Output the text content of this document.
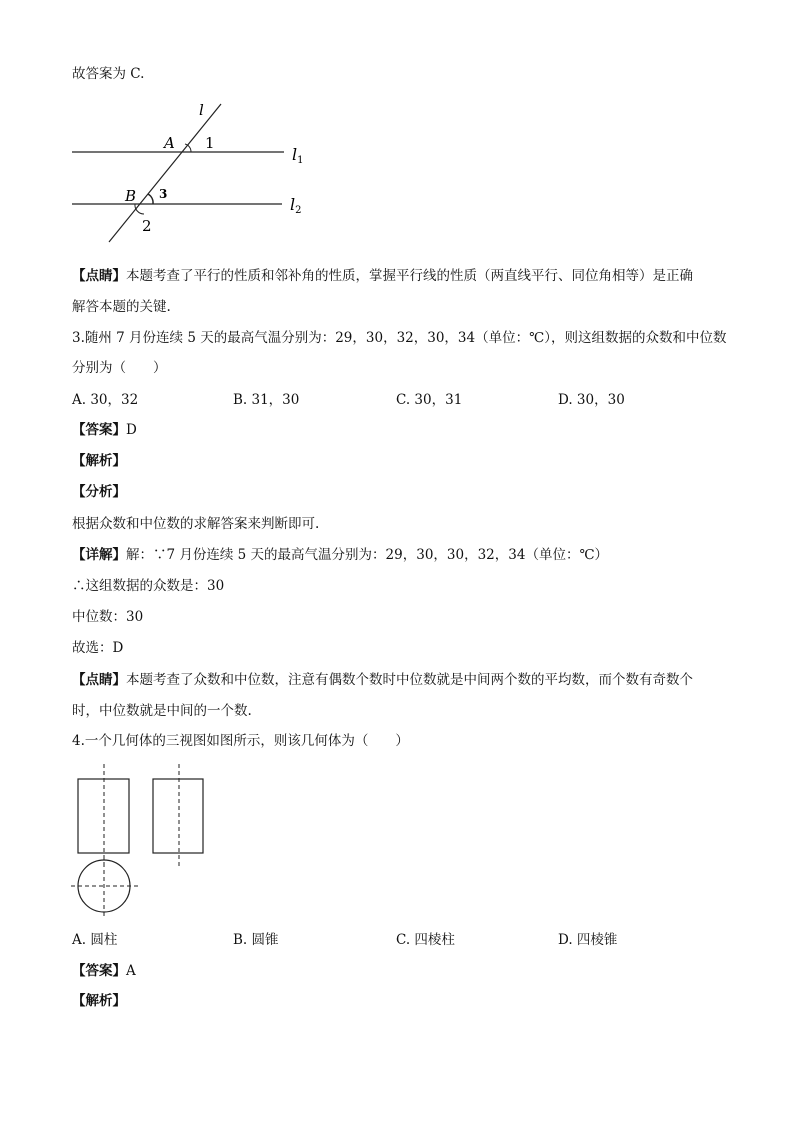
故答案为 C.
l
A 1
l1
B 3
l2
2
【点睛】本题考查了平行的性质和邻补角的性质，掌握平行线的性质（两直线平行、同位角相等）是正确
解答本题的关键.
3.随州 7 月份连续 5 天的最高气温分别为：29，30，32，30，34（单位：℃），则这组数据的众数和中位数
分别为（　　）
A. 30，32	B. 31，30	C. 30，31	D. 30，30
【答案】D
【解析】
【分析】
根据众数和中位数的求解答案来判断即可.
【详解】解：∵7 月份连续 5 天的最高气温分别为：29，30，30，32，34（单位：℃）
∴这组数据的众数是：30
中位数：30
故选：D
【点睛】本题考查了众数和中位数，注意有偶数个数时中位数就是中间两个数的平均数，而个数有奇数个
时，中位数就是中间的一个数.
4.一个几何体的三视图如图所示，则该几何体为（　　）
A. 圆柱	B. 圆锥	C. 四棱柱	D. 四棱锥
【答案】A
【解析】
